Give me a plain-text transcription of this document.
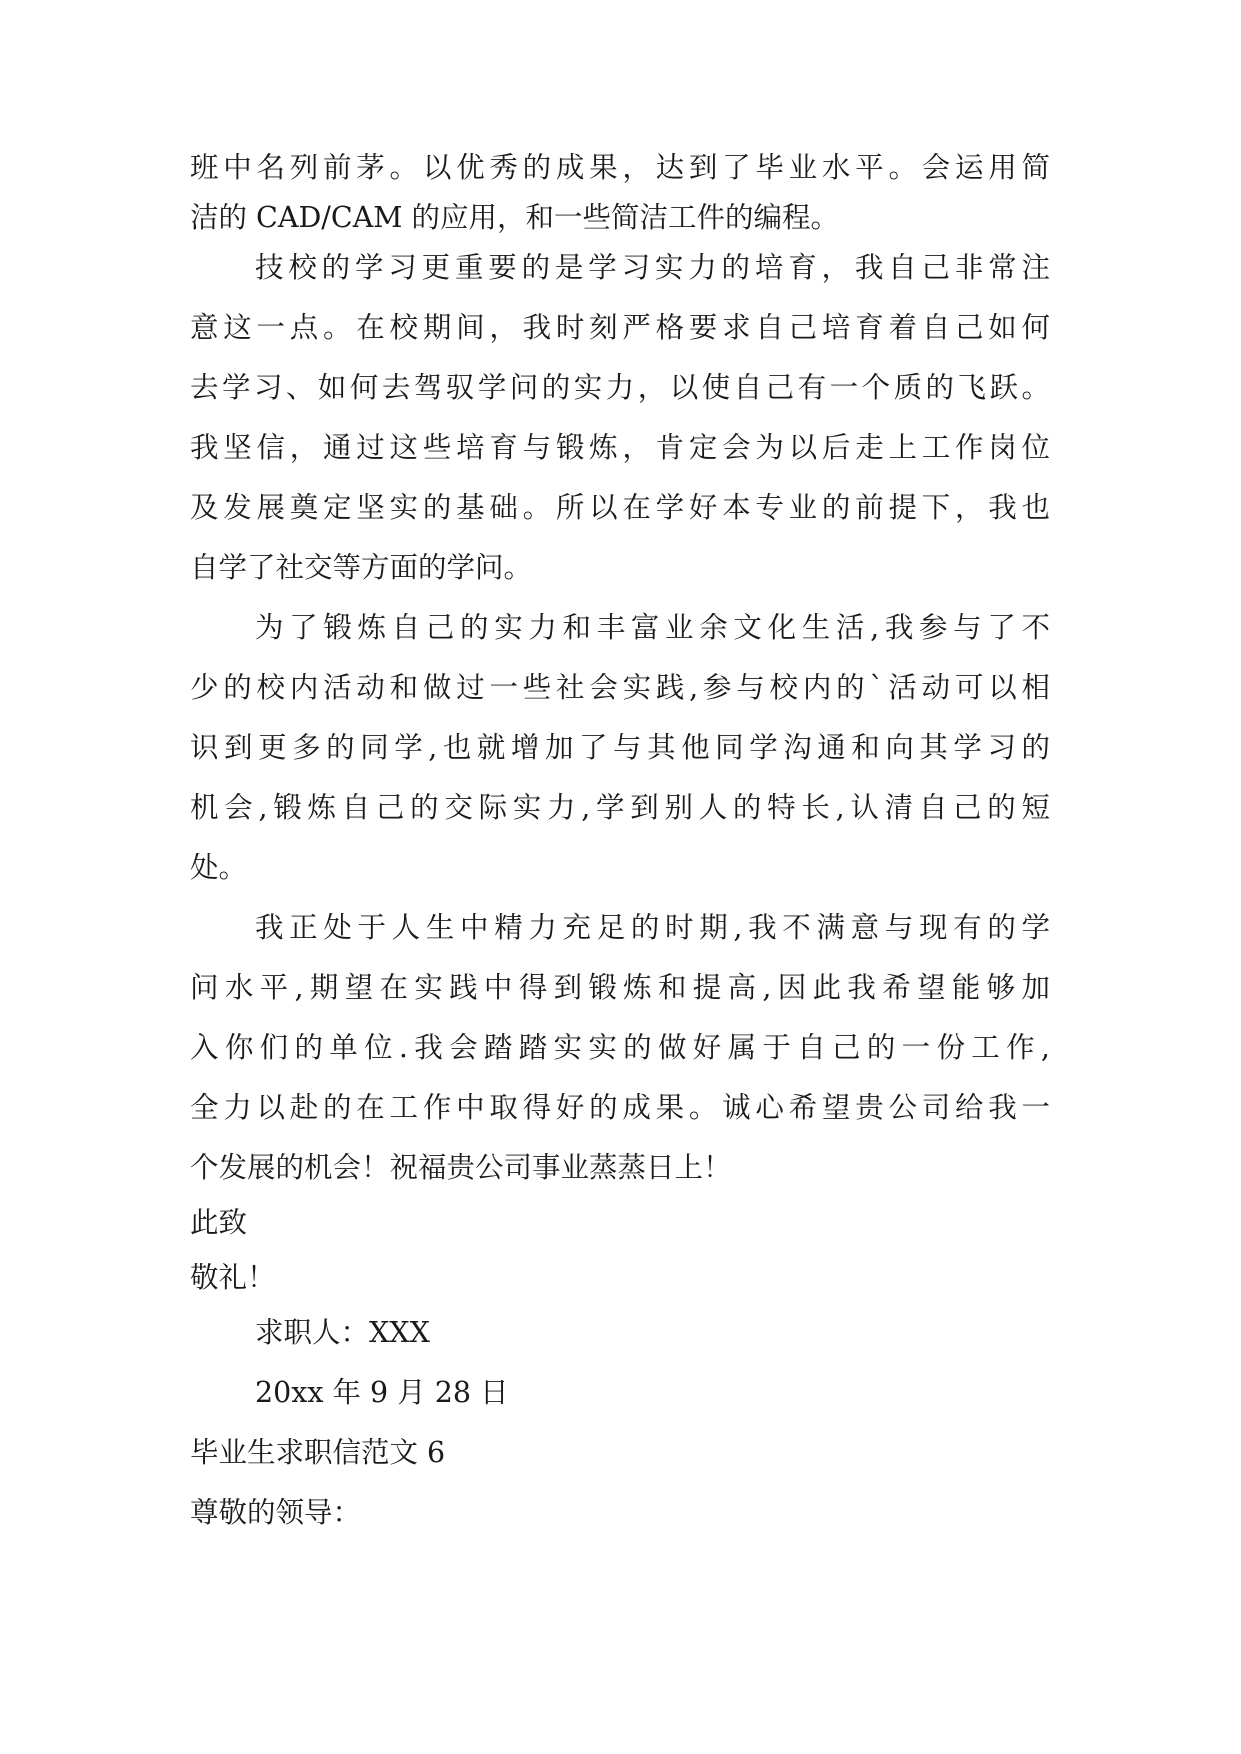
班中名列前茅。以优秀的成果，达到了毕业水平。会运用简
洁的 CAD/CAM 的应用，和一些简洁工件的编程。
技校的学习更重要的是学习实力的培育，我自己非常注
意这一点。在校期间，我时刻严格要求自己培育着自己如何
去学习、如何去驾驭学问的实力，以使自己有一个质的飞跃。
我坚信，通过这些培育与锻炼，肯定会为以后走上工作岗位
及发展奠定坚实的基础。所以在学好本专业的前提下，我也
自学了社交等方面的学问。
为了锻炼自己的实力和丰富业余文化生活,我参与了不
少的校内活动和做过一些社会实践,参与校内的`活动可以相
识到更多的同学,也就增加了与其他同学沟通和向其学习的
机会,锻炼自己的交际实力,学到别人的特长,认清自己的短
处。
我正处于人生中精力充足的时期,我不满意与现有的学
问水平,期望在实践中得到锻炼和提高,因此我希望能够加
入你们的单位.我会踏踏实实的做好属于自己的一份工作,
全力以赴的在工作中取得好的成果。诚心希望贵公司给我一
个发展的机会！祝福贵公司事业蒸蒸日上！
此致
敬礼！
求职人：XXX
20xx 年 9 月 28 日
毕业生求职信范文 6
尊敬的领导：
